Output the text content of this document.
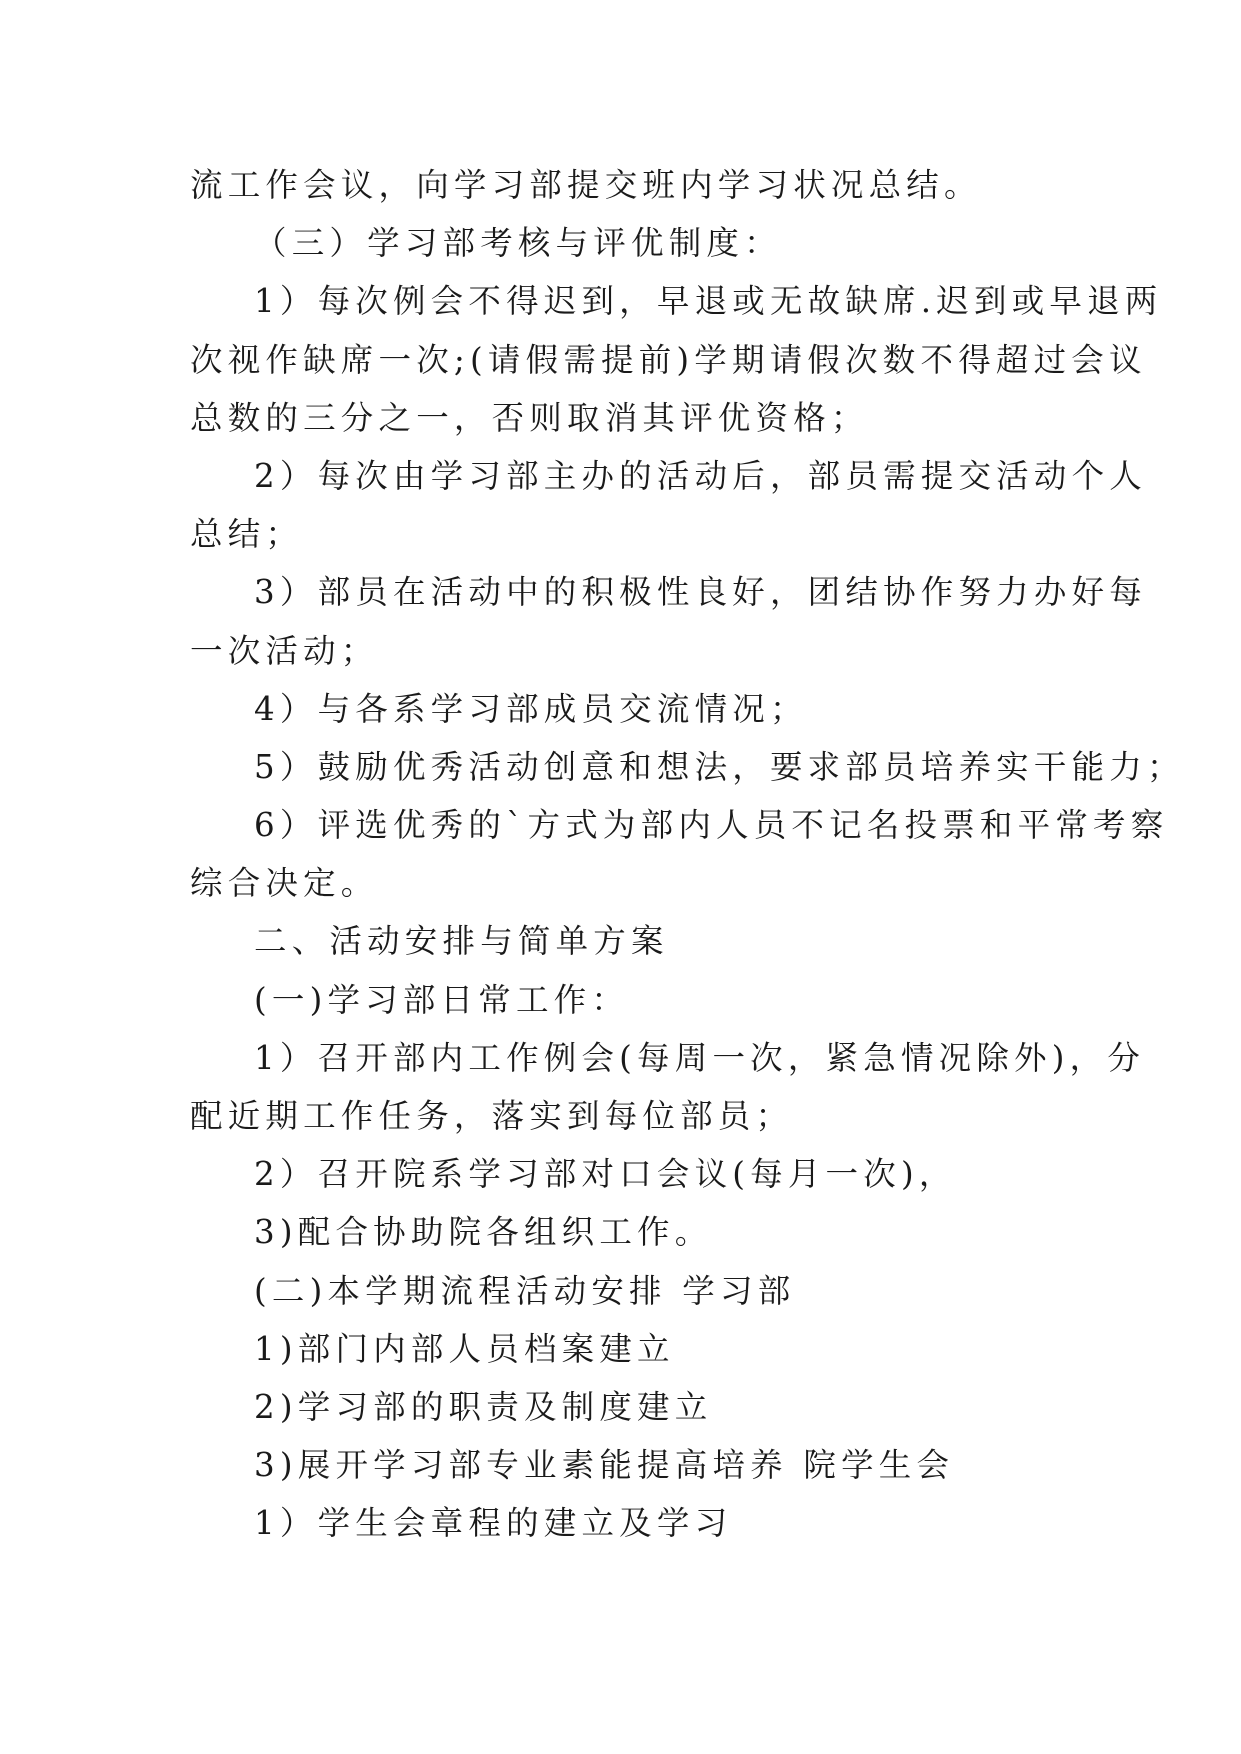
流工作会议，向学习部提交班内学习状况总结。
（三）学习部考核与评优制度：
1）每次例会不得迟到，早退或无故缺席.迟到或早退两
次视作缺席一次;(请假需提前)学期请假次数不得超过会议
总数的三分之一，否则取消其评优资格；
2）每次由学习部主办的活动后，部员需提交活动个人
总结；
3）部员在活动中的积极性良好，团结协作努力办好每
一次活动；
4）与各系学习部成员交流情况；
5）鼓励优秀活动创意和想法，要求部员培养实干能力；
6）评选优秀的`方式为部内人员不记名投票和平常考察
综合决定。
二、活动安排与简单方案
(一)学习部日常工作：
1）召开部内工作例会(每周一次，紧急情况除外)，分
配近期工作任务，落实到每位部员；
2）召开院系学习部对口会议(每月一次)，
3)配合协助院各组织工作。
(二)本学期流程活动安排 学习部
1)部门内部人员档案建立
2)学习部的职责及制度建立
3)展开学习部专业素能提高培养 院学生会
1）学生会章程的建立及学习
